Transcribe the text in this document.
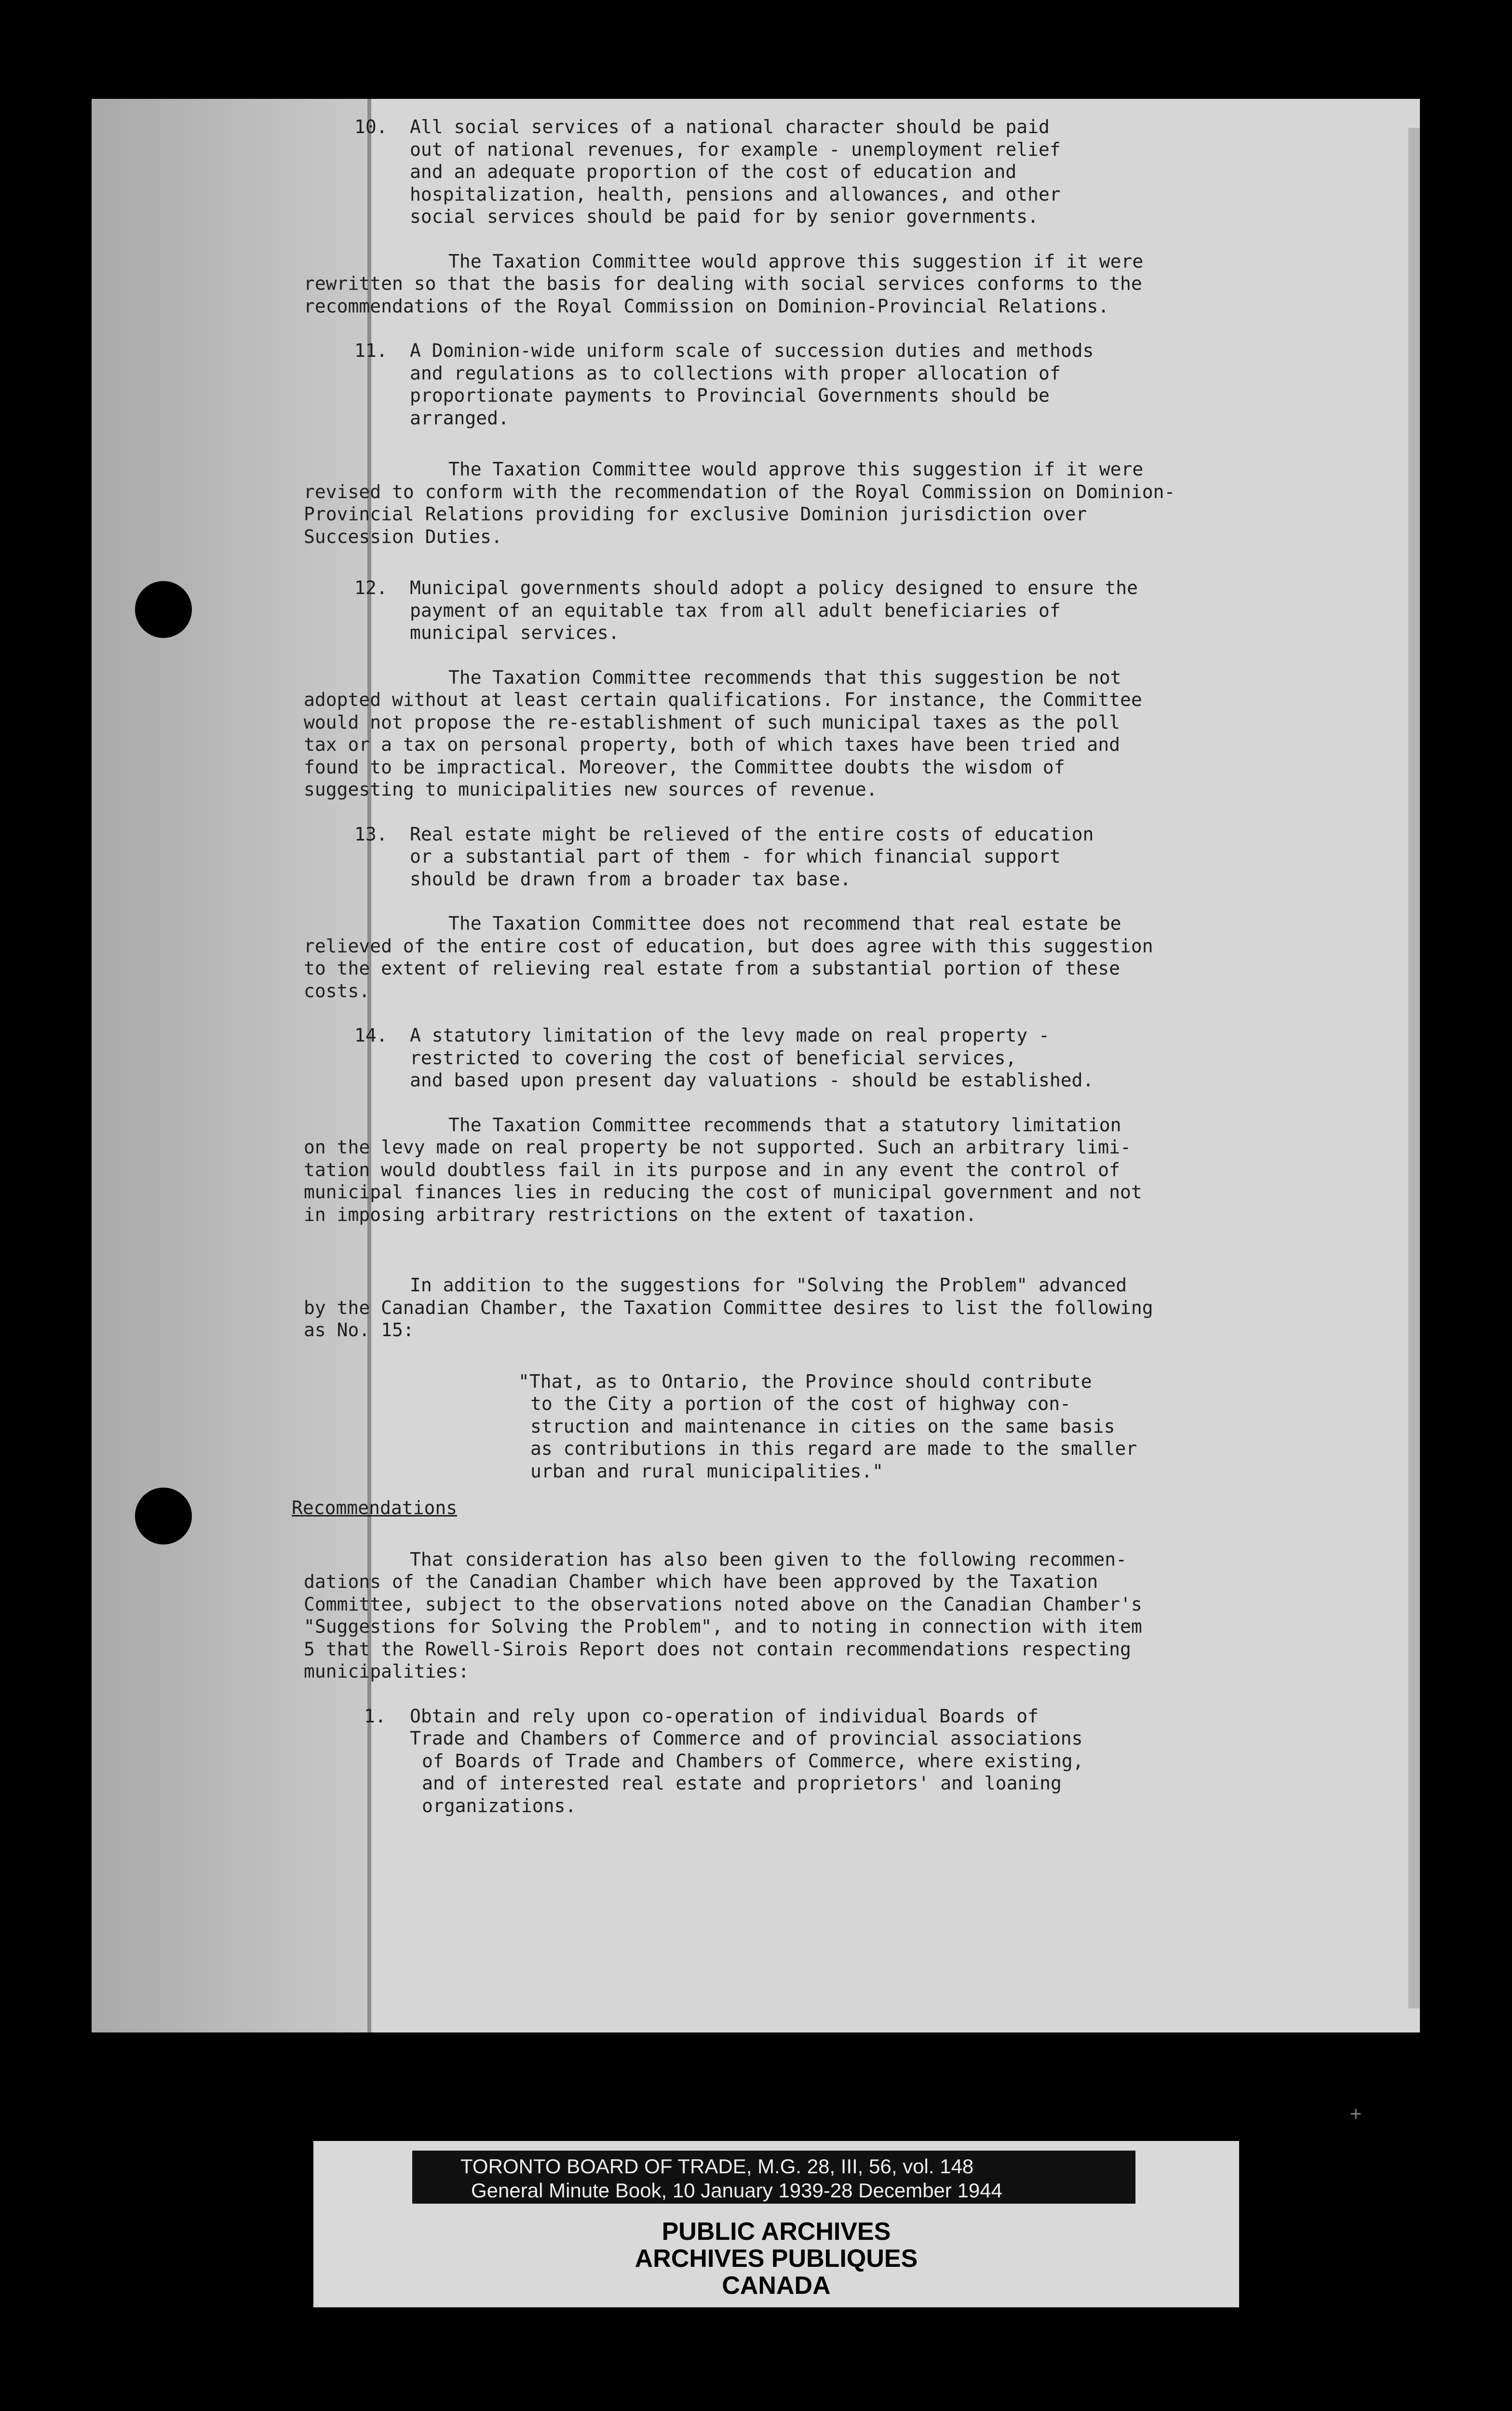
10. All social services of a national character should be paid
out of national revenues, for example - unemployment relief
and an adequate proportion of the cost of education and
hospitalization, health, pensions and allowances, and other
social services should be paid for by senior governments.
The Taxation Committee would approve this suggestion if it were
rewritten so that the basis for dealing with social services conforms to the
recommendations of the Royal Commission on Dominion-Provincial Relations.
11. A Dominion-wide uniform scale of succession duties and methods
and regulations as to collections with proper allocation of
proportionate payments to Provincial Governments should be
arranged.
The Taxation Committee would approve this suggestion if it were
revised to conform with the recommendation of the Royal Commission on Dominion-
Provincial Relations providing for exclusive Dominion jurisdiction over
Succession Duties.
12. Municipal governments should adopt a policy designed to ensure the
payment of an equitable tax from all adult beneficiaries of
municipal services.
The Taxation Committee recommends that this suggestion be not
adopted without at least certain qualifications. For instance, the Committee
would not propose the re-establishment of such municipal taxes as the poll
tax or a tax on personal property, both of which taxes have been tried and
found to be impractical. Moreover, the Committee doubts the wisdom of
suggesting to municipalities new sources of revenue.
13. Real estate might be relieved of the entire costs of education
or a substantial part of them - for which financial support
should be drawn from a broader tax base.
The Taxation Committee does not recommend that real estate be
relieved of the entire cost of education, but does agree with this suggestion
to the extent of relieving real estate from a substantial portion of these
costs.
14. A statutory limitation of the levy made on real property -
restricted to covering the cost of beneficial services,
and based upon present day valuations - should be established.
The Taxation Committee recommends that a statutory limitation
on the levy made on real property be not supported. Such an arbitrary limi-
tation would doubtless fail in its purpose and in any event the control of
municipal finances lies in reducing the cost of municipal government and not
in imposing arbitrary restrictions on the extent of taxation.
In addition to the suggestions for "Solving the Problem" advanced
by the Canadian Chamber, the Taxation Committee desires to list the following
as No. 15:
"That, as to Ontario, the Province should contribute
to the City a portion of the cost of highway con-
struction and maintenance in cities on the same basis
as contributions in this regard are made to the smaller
urban and rural municipalities."
Recommendations
That consideration has also been given to the following recommen-
dations of the Canadian Chamber which have been approved by the Taxation
Committee, subject to the observations noted above on the Canadian Chamber's
"Suggestions for Solving the Problem", and to noting in connection with item
5 that the Rowell-Sirois Report does not contain recommendations respecting
municipalities:
1. Obtain and rely upon co-operation of individual Boards of
Trade and Chambers of Commerce and of provincial associations
of Boards of Trade and Chambers of Commerce, where existing,
and of interested real estate and proprietors' and loaning
organizations.
+
TORONTO BOARD OF TRADE, M.G. 28, III, 56, vol. 148
General Minute Book, 10 January 1939-28 December 1944
PUBLIC ARCHIVES
ARCHIVES PUBLIQUES
CANADA
